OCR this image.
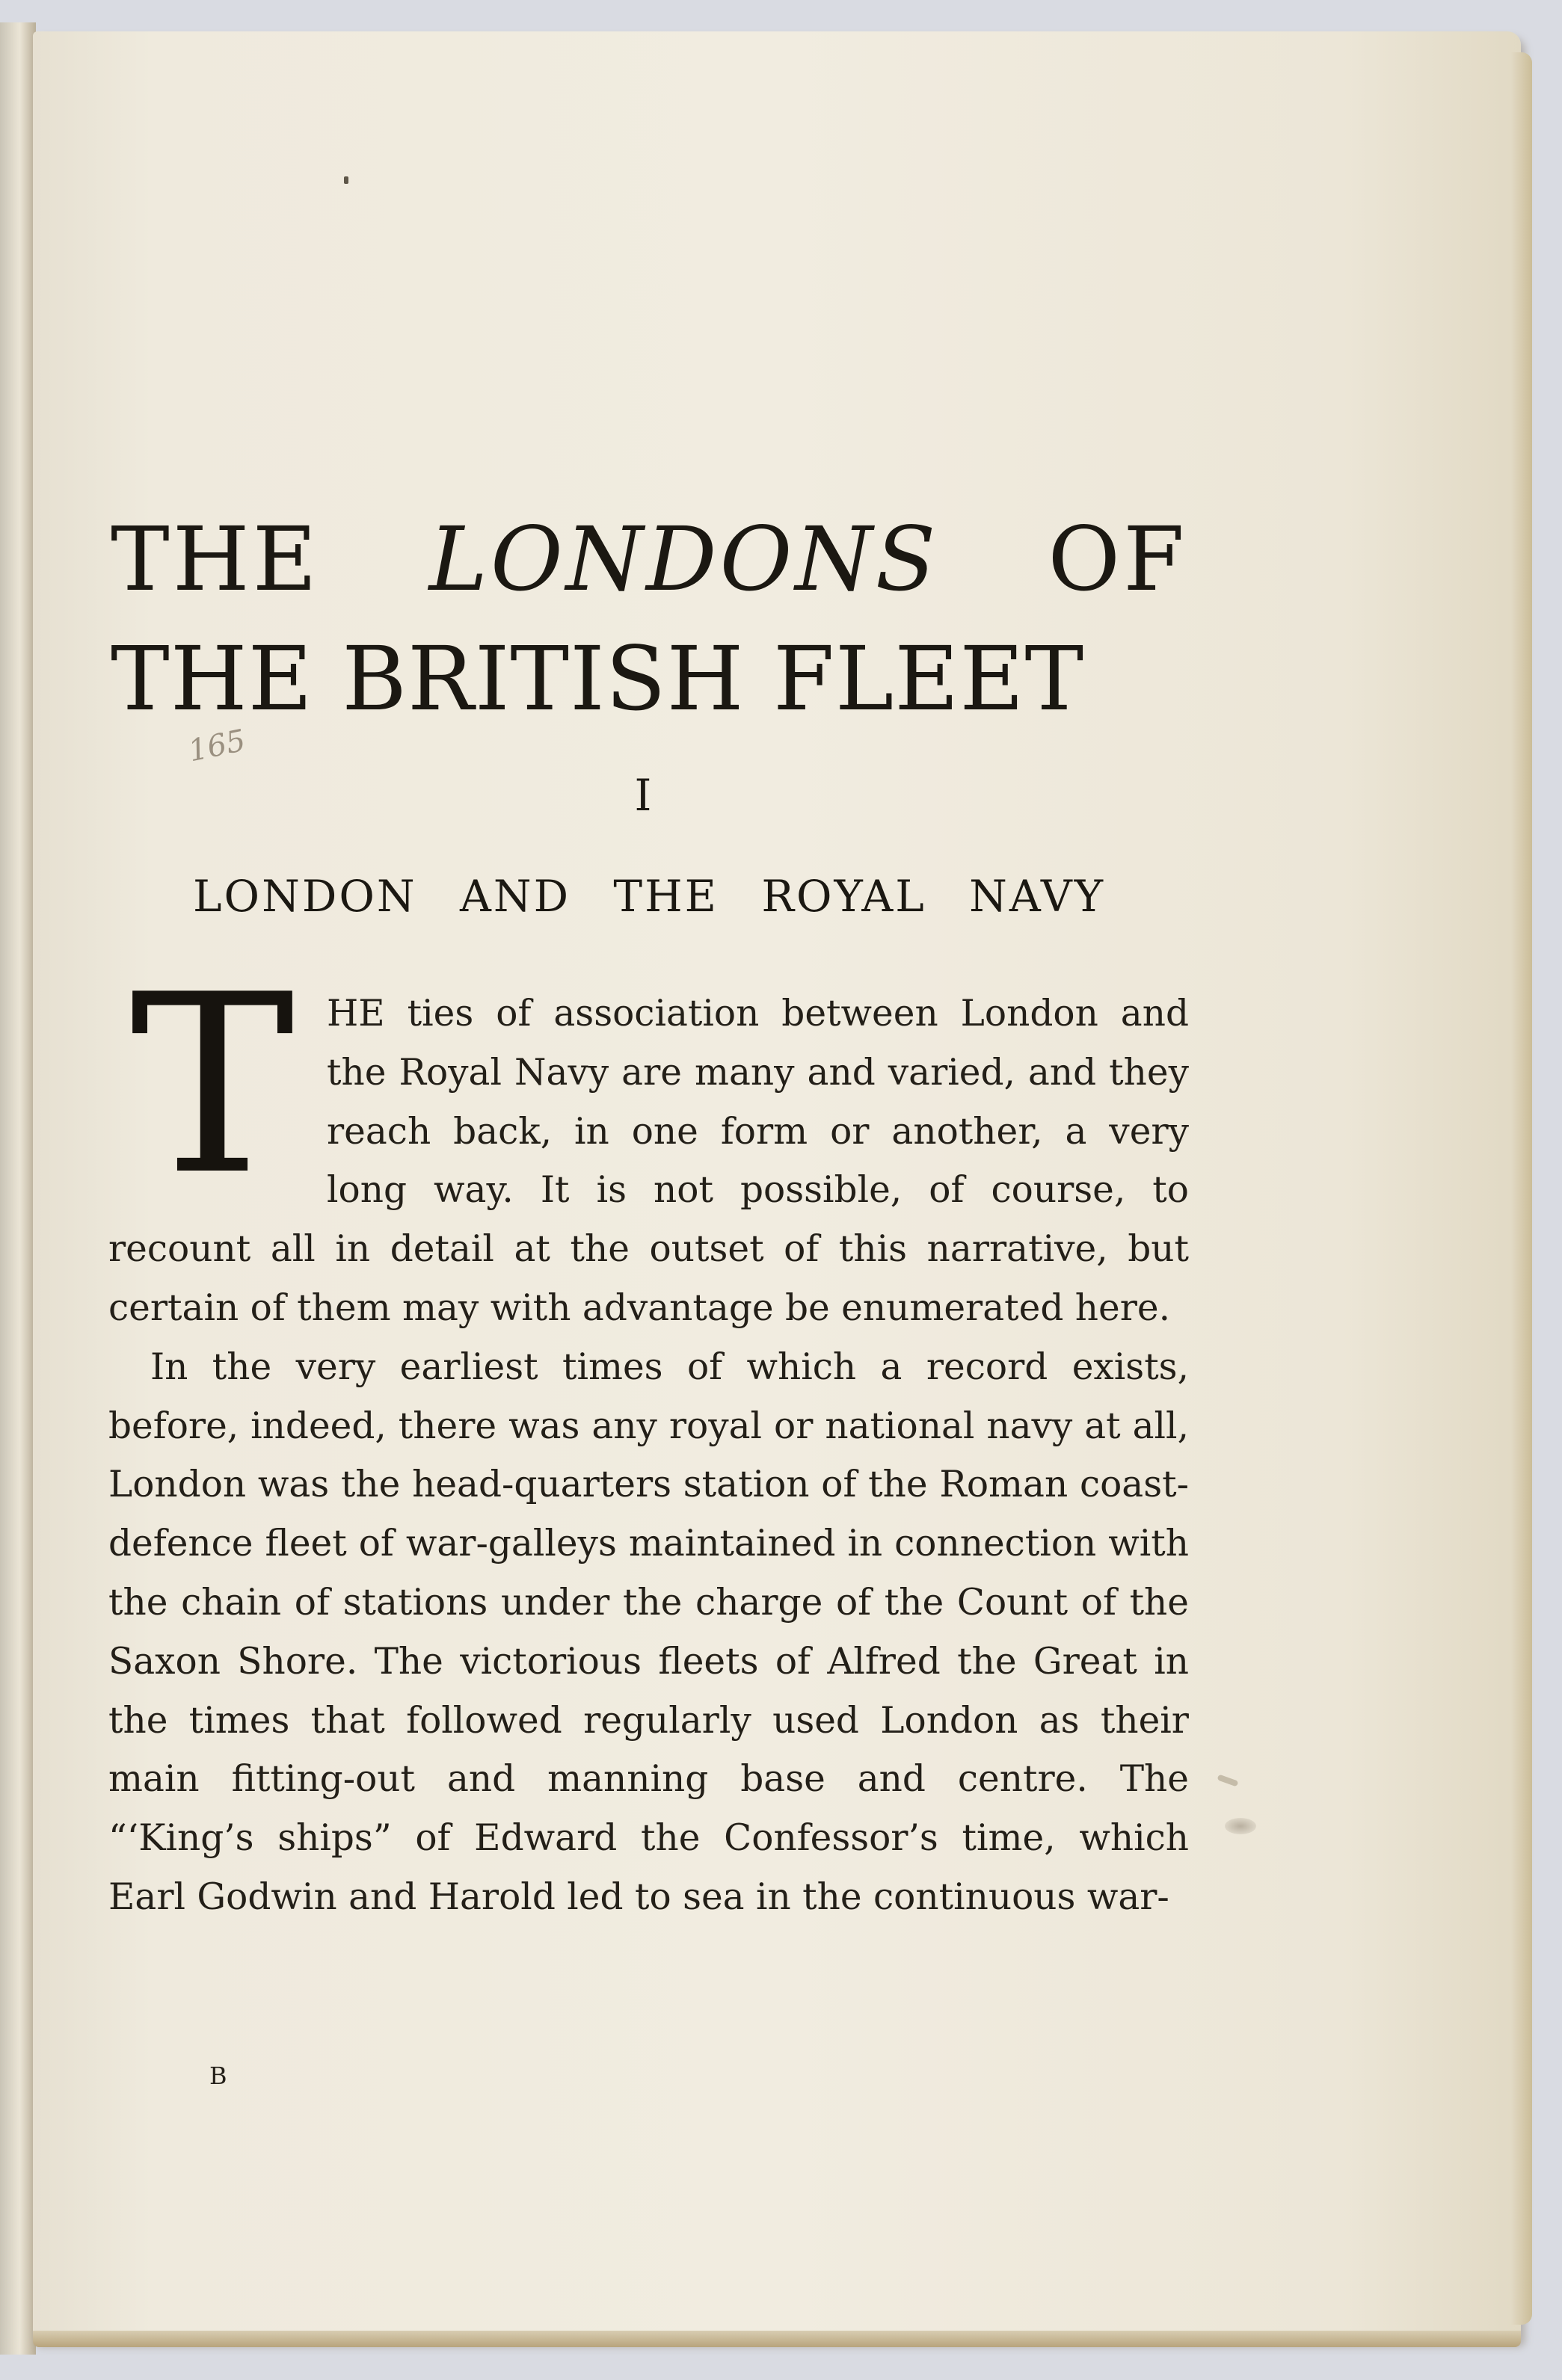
THE LONDONS OF
THE BRITISH FLEET
165
I
LONDON AND THE ROYAL NAVY
T HE ties of association between London and the Royal Navy are many and varied, and they reach back, in one form or another, a very long way. It is not possible, of course, to recount all in detail at the outset of this narrative, but certain of them may with advantage be enumerated here.

In the very earliest times of which a record exists, before, indeed, there was any royal or national navy at all, London was the head-quarters station of the Roman coast-defence fleet of war-galleys maintained in connection with the chain of stations under the charge of the Count of the Saxon Shore. The victorious fleets of Alfred the Great in the times that followed regularly used London as their main fitting-out and manning base and centre. The “‘King’s ships” of Edward the Confessor’s time, which Earl Godwin and Harold led to sea in the continuous war-

B
